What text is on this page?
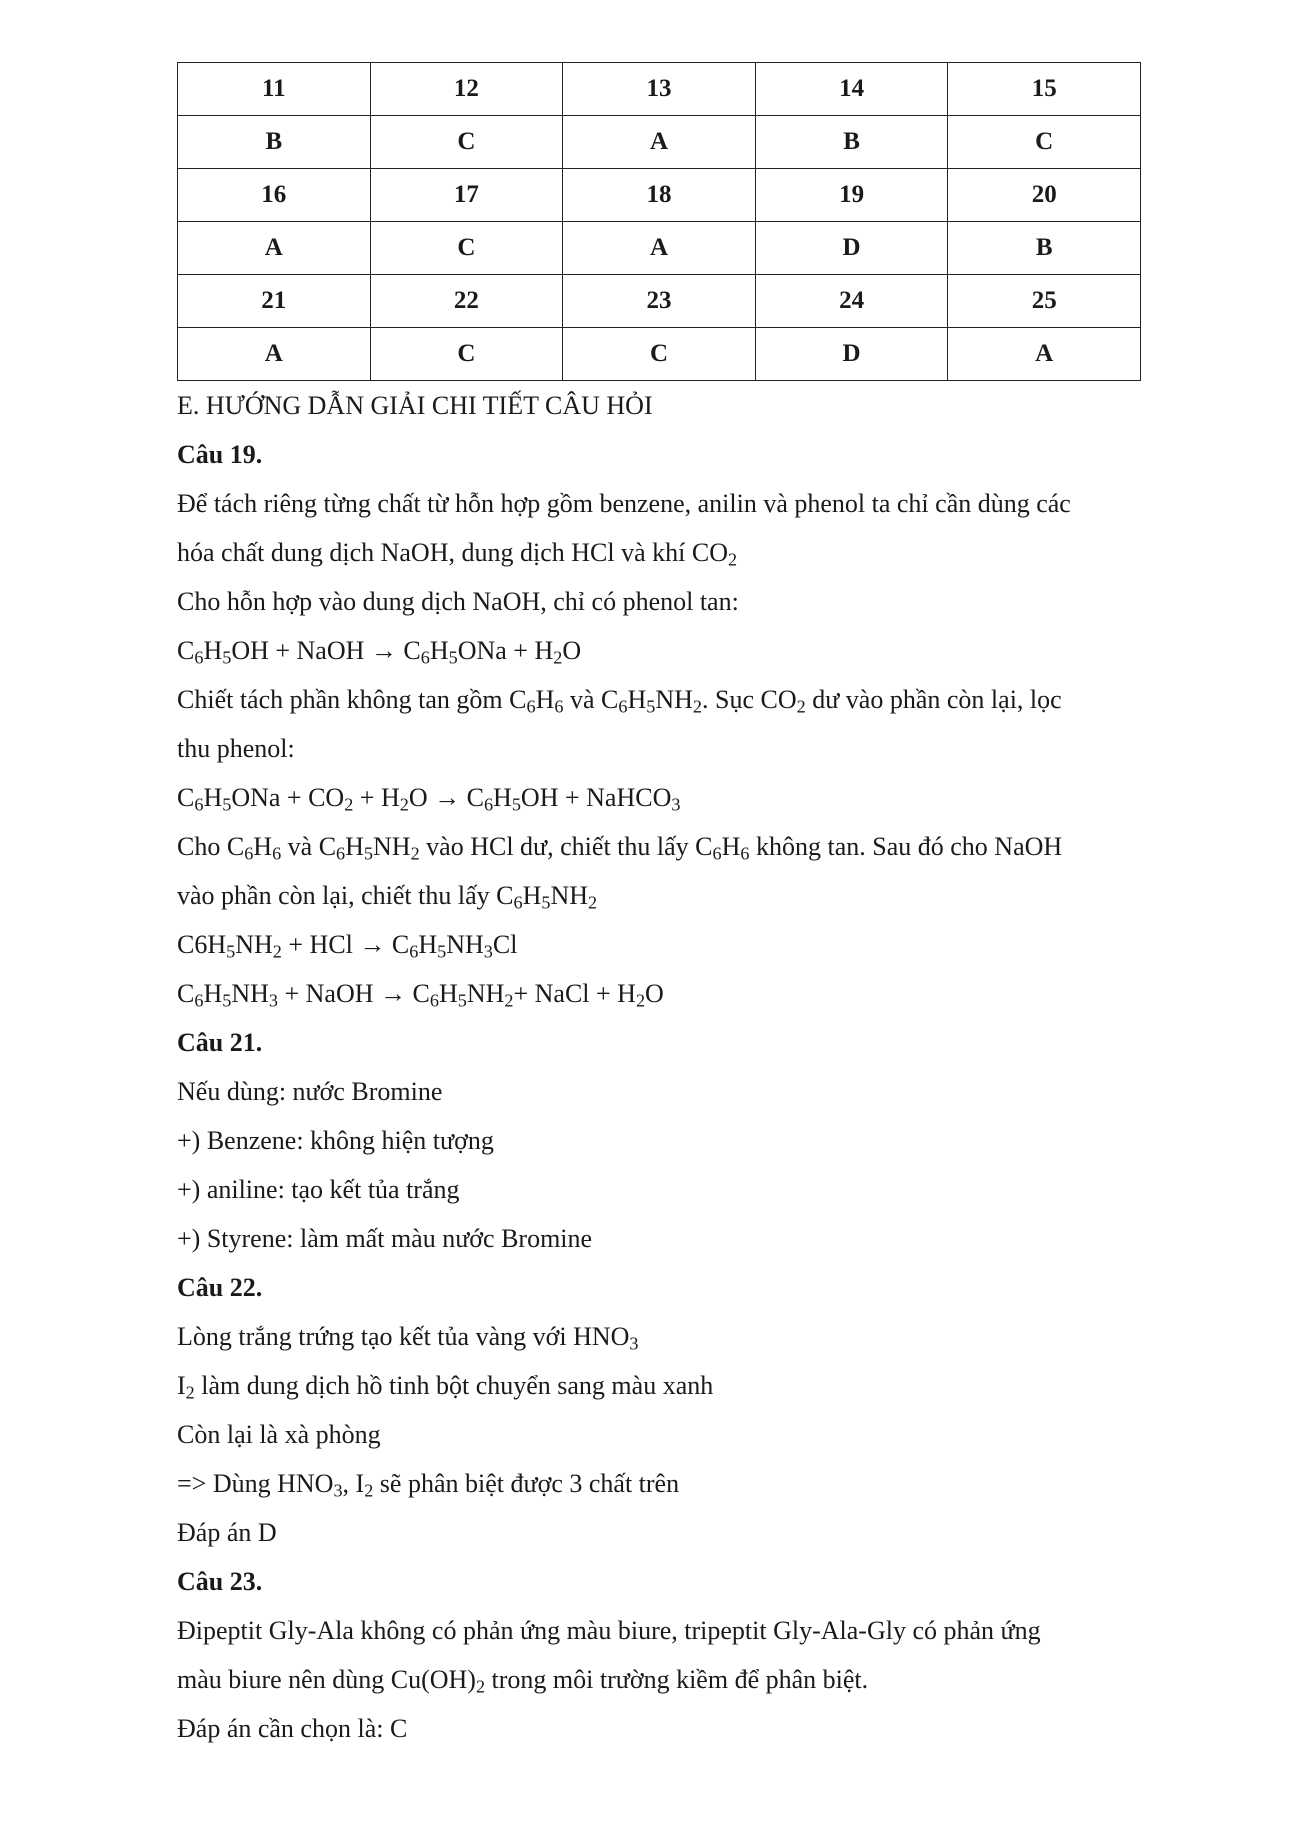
11	12	13	14	15
B	C	A	B	C
16	17	18	19	20
A	C	A	D	B
21	22	23	24	25
A	C	C	D	A

E. HƯỚNG DẪN GIẢI CHI TIẾT CÂU HỎI

Câu 19.

Để tách riêng từng chất từ hỗn hợp gồm benzene, anilin và phenol ta chỉ cần dùng các

hóa chất dung dịch NaOH, dung dịch HCl và khí $CO_2$

Cho hỗn hợp vào dung dịch NaOH, chỉ có phenol tan:

$C_6H_5OH$ + NaOH → $C_6H_5ONa + H_2O$

Chiết tách phần không tan gồm $C_6H_6$ và $C_6H_5NH_2$. Sục $CO_2$ dư vào phần còn lại, lọc

thu phenol:

$C_6H_5ONa + CO_2 + H_2O \to C_6H_5OH$ + NaHCO$_3$

Cho $C_6H_6$ và $C_6H_5NH_2$ vào HCl dư, chiết thu lấy $C_6H_6$ không tan. Sau đó cho NaOH

vào phần còn lại, chiết thu lấy $C_6H_5NH_2$

$C6H_5NH_2$ + HCl → $C_6H_5NH_3Cl$

$C_6H_5NH_3$ + NaOH → $C_6H_5NH_2+$ NaCl + $H_2O$

Câu 21.

Nếu dùng: nước Bromine

+) Benzene: không hiện tượng

+) aniline: tạo kết tủa trắng

+) Styrene: làm mất màu nước Bromine

Câu 22.

Lòng trắng trứng tạo kết tủa vàng với $HNO_3$

$I_2$ làm dung dịch hồ tinh bột chuyển sang màu xanh

Còn lại là xà phòng

=> Dùng $HNO_3$, $I_2$ sẽ phân biệt được 3 chất trên

Đáp án D

Câu 23.

Đipeptit Gly-Ala không có phản ứng màu biure, tripeptit Gly-Ala-Gly có phản ứng

màu biure nên dùng $Cu(OH)_2$ trong môi trường kiềm để phân biệt.

Đáp án cần chọn là: C
